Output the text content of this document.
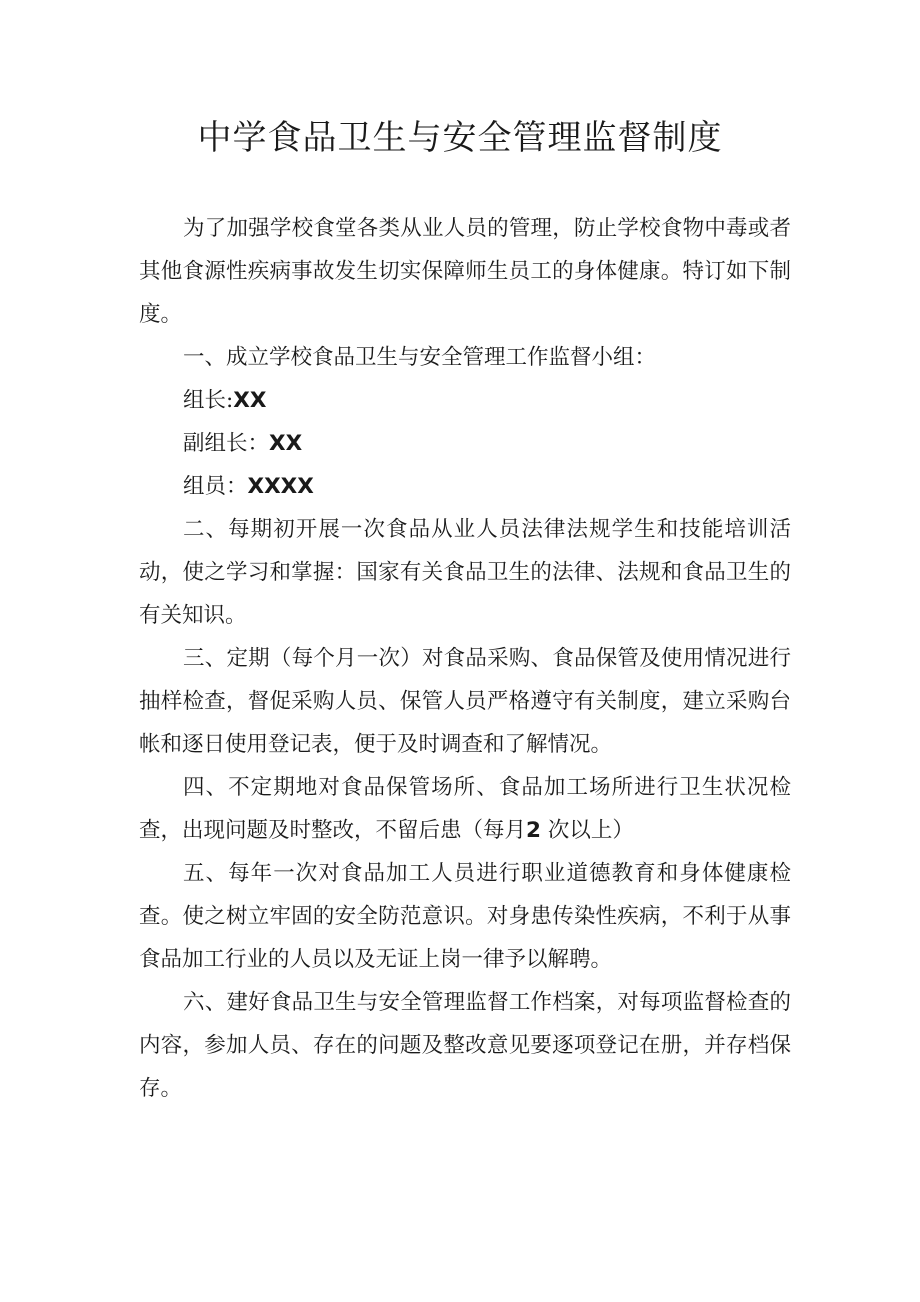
中学食品卫生与安全管理监督制度

为了加强学校食堂各类从业人员的管理，防止学校食物中毒或者其他食源性疾病事故发生切实保障师生员工的身体健康。特订如下制度。

一、成立学校食品卫生与安全管理工作监督小组：

组长:XX

副组长：XX

组员：XXXX

二、每期初开展一次食品从业人员法律法规学生和技能培训活动，使之学习和掌握：国家有关食品卫生的法律、法规和食品卫生的有关知识。

三、定期（每个月一次）对食品采购、食品保管及使用情况进行抽样检查，督促采购人员、保管人员严格遵守有关制度，建立采购台帐和逐日使用登记表，便于及时调查和了解情况。

四、不定期地对食品保管场所、食品加工场所进行卫生状况检查，出现问题及时整改，不留后患（每月2 次以上）

五、每年一次对食品加工人员进行职业道德教育和身体健康检查。使之树立牢固的安全防范意识。对身患传染性疾病，不利于从事食品加工行业的人员以及无证上岗一律予以解聘。

六、建好食品卫生与安全管理监督工作档案，对每项监督检查的内容，参加人员、存在的问题及整改意见要逐项登记在册，并存档保存。
